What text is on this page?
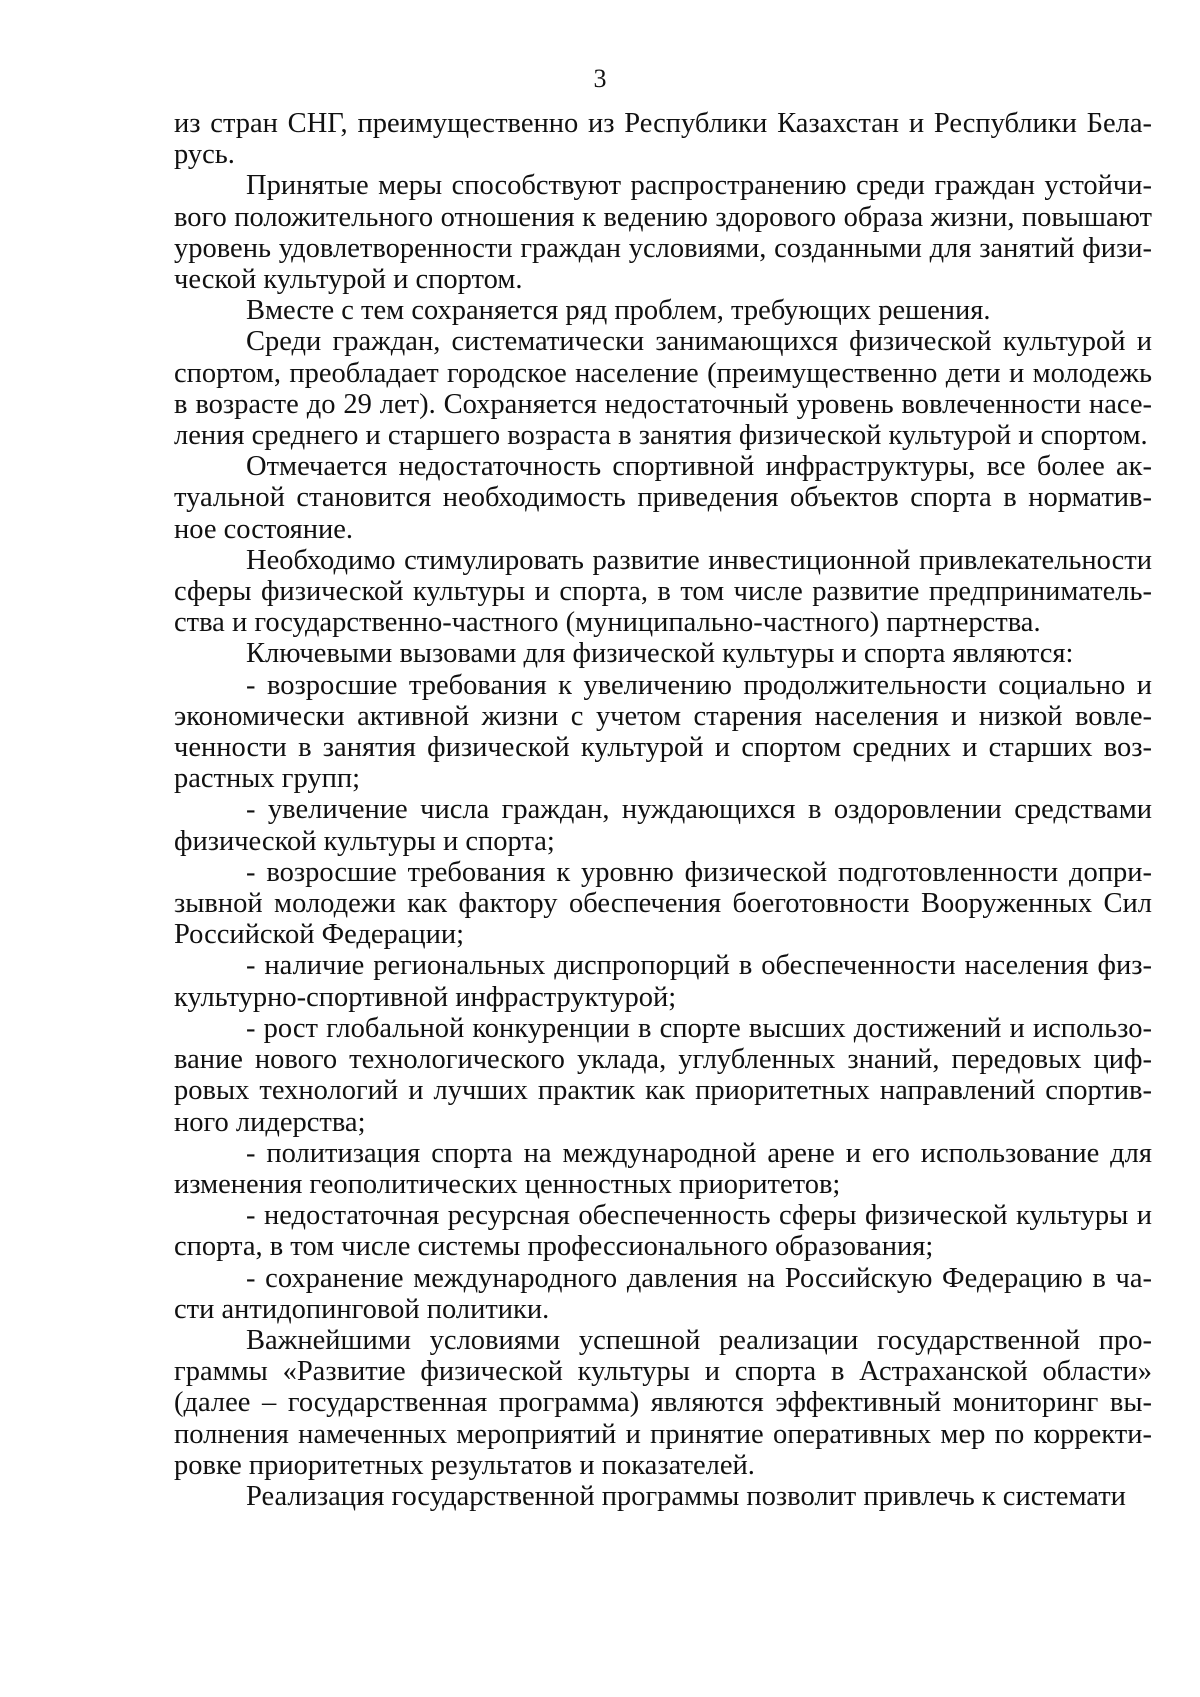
3

из стран СНГ, преимущественно из Республики Казахстан и Республики Беларусь.

Принятые меры способствуют распространению среди граждан устойчивого положительного отношения к ведению здорового образа жизни, повышают уровень удовлетворенности граждан условиями, созданными для занятий физической культурой и спортом.

Вместе с тем сохраняется ряд проблем, требующих решения.

Среди граждан, систематически занимающихся физической культурой и спортом, преобладает городское население (преимущественно дети и молодежь в возрасте до 29 лет). Сохраняется недостаточный уровень вовлеченности населения среднего и старшего возраста в занятия физической культурой и спортом.

Отмечается недостаточность спортивной инфраструктуры, все более актуальной становится необходимость приведения объектов спорта в нормативное состояние.

Необходимо стимулировать развитие инвестиционной привлекательности сферы физической культуры и спорта, в том числе развитие предпринимательства и государственно-частного (муниципально-частного) партнерства.

Ключевыми вызовами для физической культуры и спорта являются:

- возросшие требования к увеличению продолжительности социально и экономически активной жизни с учетом старения населения и низкой вовлеченности в занятия физической культурой и спортом средних и старших возрастных групп;

- увеличение числа граждан, нуждающихся в оздоровлении средствами физической культуры и спорта;

- возросшие требования к уровню физической подготовленности допризывной молодежи как фактору обеспечения боеготовности Вооруженных Сил Российской Федерации;

- наличие региональных диспропорций в обеспеченности населения физкультурно-спортивной инфраструктурой;

- рост глобальной конкуренции в спорте высших достижений и использование нового технологического уклада, углубленных знаний, передовых цифровых технологий и лучших практик как приоритетных направлений спортивного лидерства;

- политизация спорта на международной арене и его использование для изменения геополитических ценностных приоритетов;

- недостаточная ресурсная обеспеченность сферы физической культуры и спорта, в том числе системы профессионального образования;

- сохранение международного давления на Российскую Федерацию в части антидопинговой политики.

Важнейшими условиями успешной реализации государственной программы «Развитие физической культуры и спорта в Астраханской области» (далее – государственная программа) являются эффективный мониторинг выполнения намеченных мероприятий и принятие оперативных мер по корректировке приоритетных результатов и показателей.

Реализация государственной программы позволит привлечь к системати
